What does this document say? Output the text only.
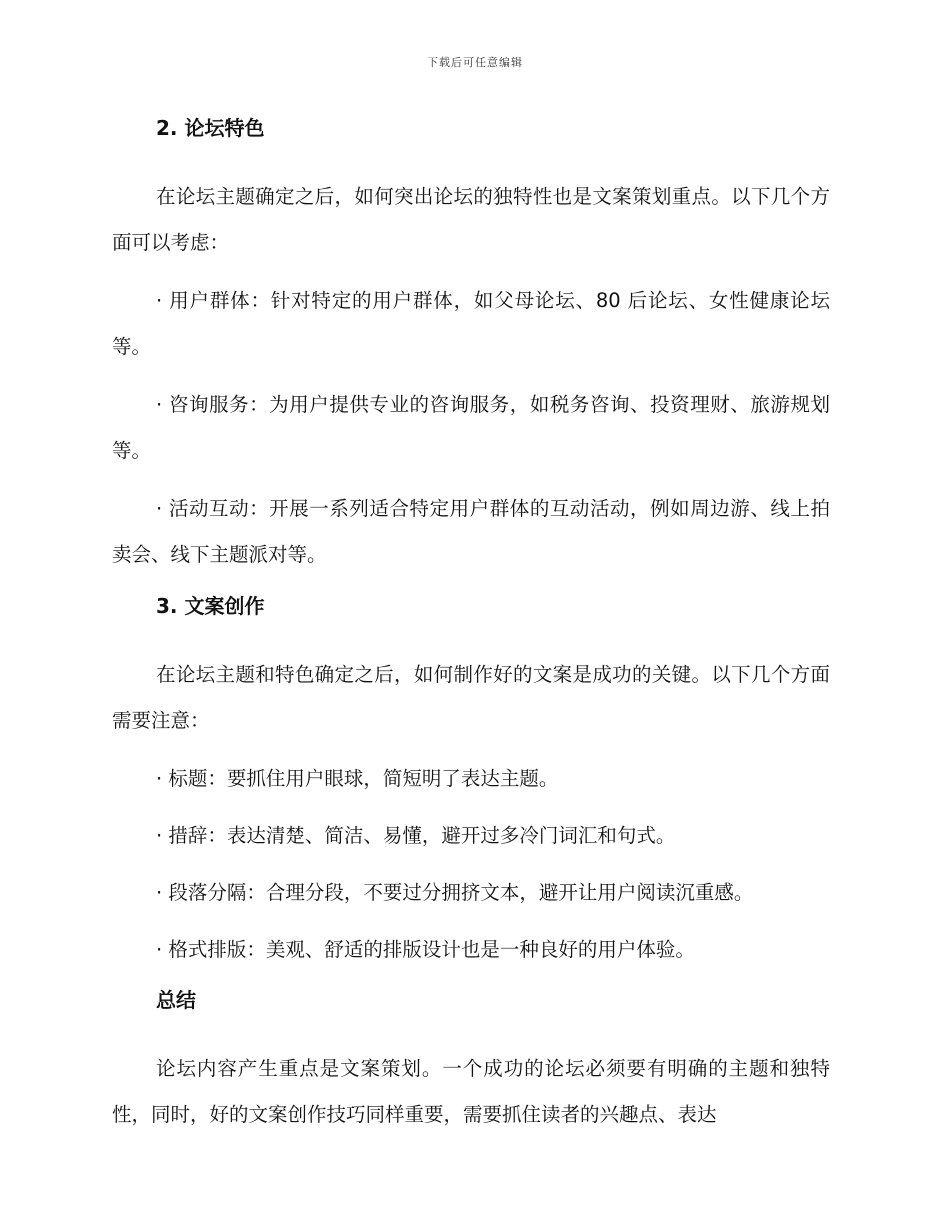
下载后可任意编辑
2. 论坛特色

在论坛主题确定之后，如何突出论坛的独特性也是文案策划重点。以下几个方面可以考虑：

· 用户群体：针对特定的用户群体，如父母论坛、80 后论坛、女性健康论坛等。

· 咨询服务：为用户提供专业的咨询服务，如税务咨询、投资理财、旅游规划等。

· 活动互动：开展一系列适合特定用户群体的互动活动，例如周边游、线上拍卖会、线下主题派对等。

3. 文案创作

在论坛主题和特色确定之后，如何制作好的文案是成功的关键。以下几个方面需要注意：

· 标题：要抓住用户眼球，简短明了表达主题。

· 措辞：表达清楚、简洁、易懂，避开过多冷门词汇和句式。

· 段落分隔：合理分段，不要过分拥挤文本，避开让用户阅读沉重感。

· 格式排版：美观、舒适的排版设计也是一种良好的用户体验。

总结

论坛内容产生重点是文案策划。一个成功的论坛必须要有明确的主题和独特性，同时，好的文案创作技巧同样重要，需要抓住读者的兴趣点、表达
